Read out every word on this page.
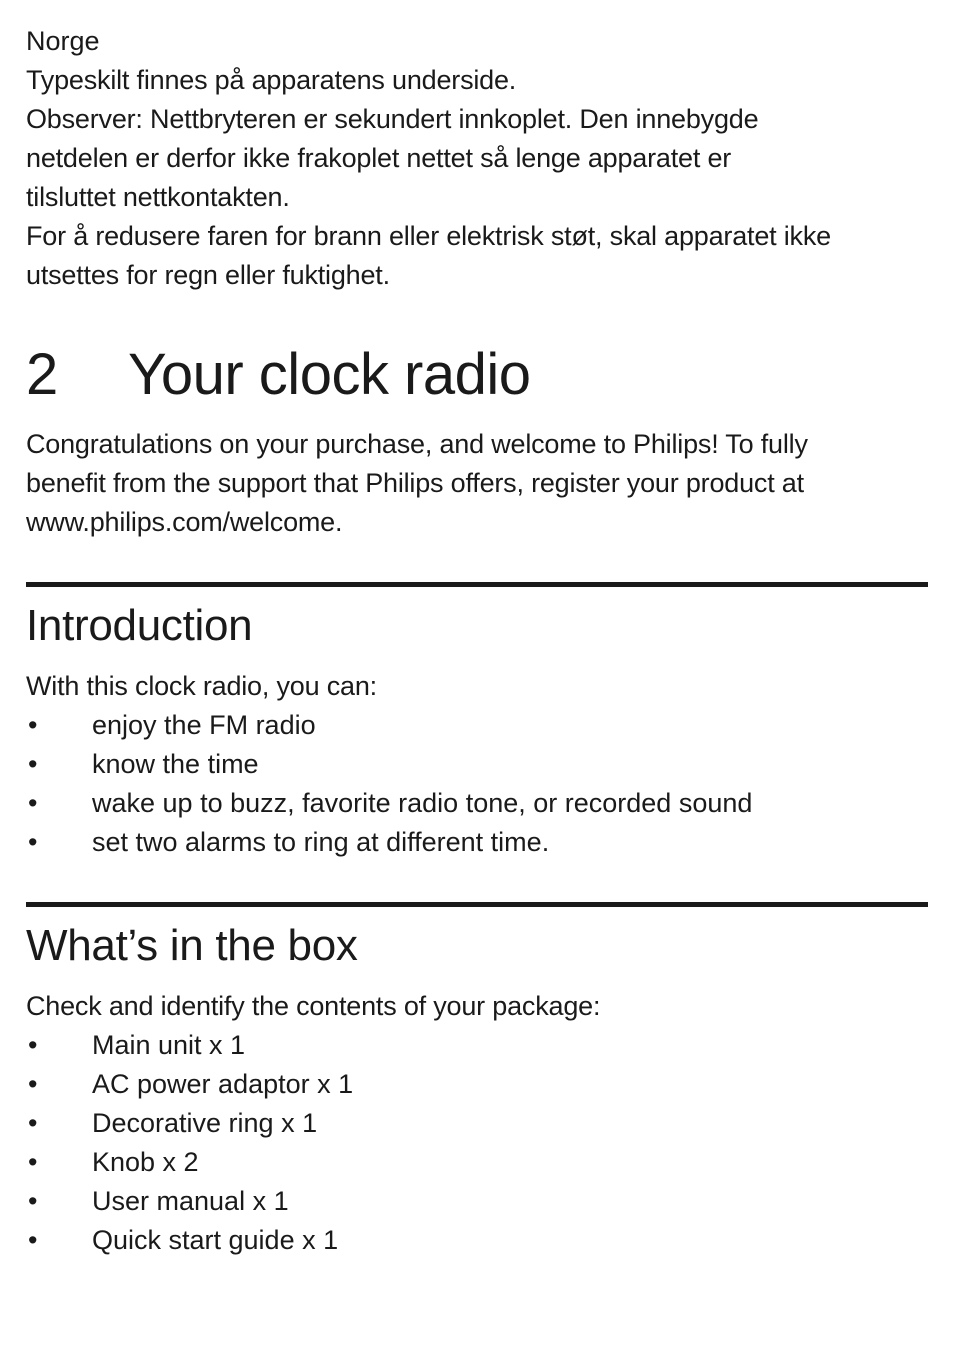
Norge

Typeskilt finnes på apparatens underside.

Observer: Nettbryteren er sekundert innkoplet. Den innebygde

netdelen er derfor ikke frakoplet nettet så lenge apparatet er

tilsluttet nettkontakten.

For å redusere faren for brann eller elektrisk støt, skal apparatet ikke

utsettes for regn eller fuktighet.

2	Your clock radio

Congratulations on your purchase, and welcome to Philips! To fully

benefit from the support that Philips offers, register your product at

www.philips.com/welcome.

Introduction

With this clock radio, you can:

•	enjoy the FM radio
•	know the time
•	wake up to buzz, favorite radio tone, or recorded sound
•	set two alarms to ring at different time.
What’s in the box

Check and identify the contents of your package:

•	Main unit x 1
•	AC power adaptor x 1
•	Decorative ring x 1
•	Knob x 2
•	User manual x 1
•	Quick start guide x 1
